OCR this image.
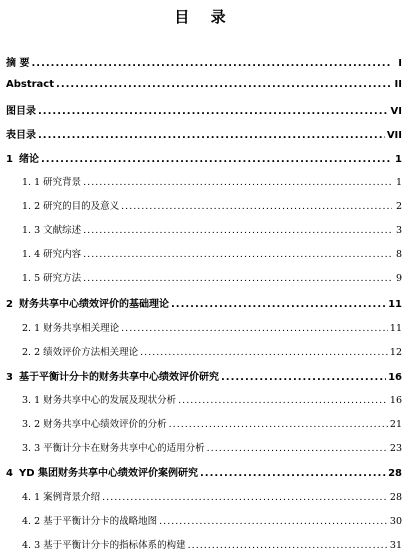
目 录
摘 要 .....	I
Abstract .....	II
图目录 .....	VI
表目录 .....	VII
1 绪论 .....	1
1. 1 研究背景 .....	1
1. 2 研究的目的及意义 .....	2
1. 3 文献综述 .....	3
1. 4 研究内容 .....	8
1. 5 研究方法 .....	9
2 财务共享中心绩效评价的基础理论 .....	11
2. 1 财务共享相关理论 .....	11
2. 2 绩效评价方法相关理论 .....	12
3 基于平衡计分卡的财务共享中心绩效评价研究 .....	16
3. 1 财务共享中心的发展及现状分析 .....	16
3. 2 财务共享中心绩效评价的分析 .....	21
3. 3 平衡计分卡在财务共享中心的适用分析 .....	23
4 YD 集团财务共享中心绩效评价案例研究 .....	28
4. 1 案例背景介绍 .....	28
4. 2 基于平衡计分卡的战略地图 .....	30
4. 3 基于平衡计分卡的指标体系的构建 .....	31
